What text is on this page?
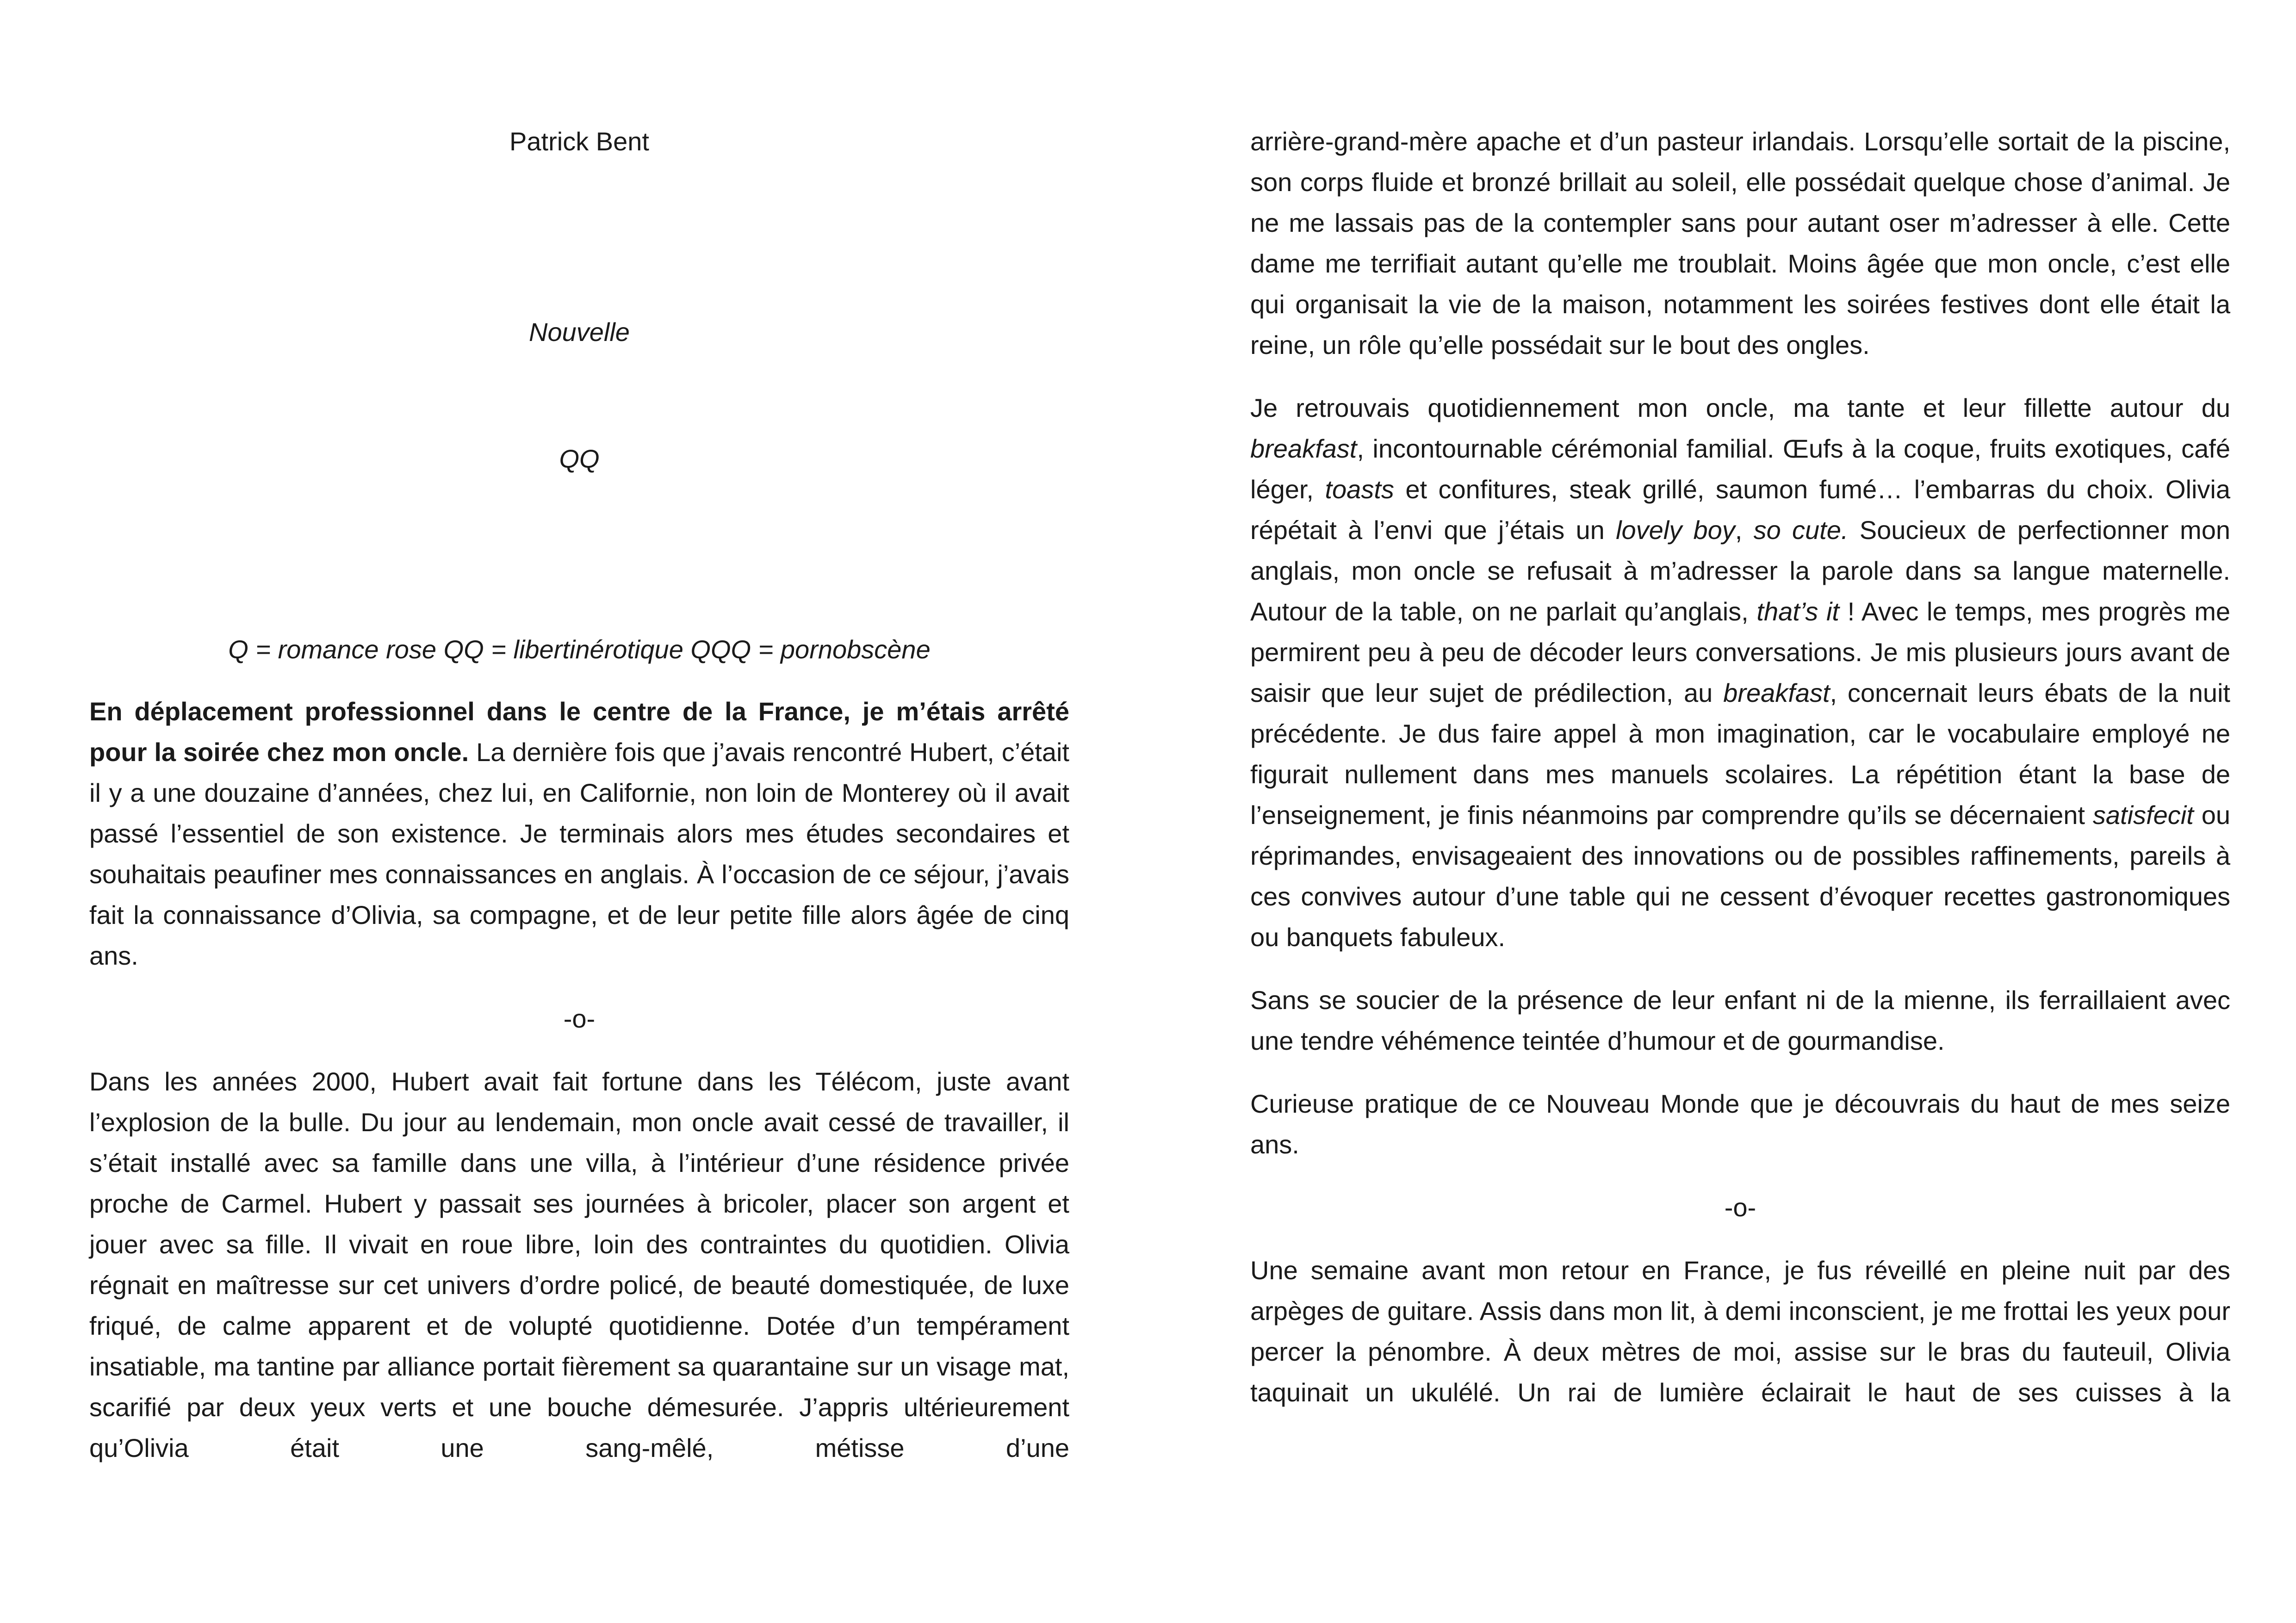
Patrick Bent
Nouvelle
QQ
Q = romance rose QQ = libertinérotique QQQ = pornobscène

En déplacement professionnel dans le centre de la France, je m’étais arrêté pour la soirée chez mon oncle. La dernière fois que j’avais rencontré Hubert, c’était il y a une douzaine d’années, chez lui, en Californie, non loin de Monterey où il avait passé l’essentiel de son existence. Je terminais alors mes études secondaires et souhaitais peaufiner mes connaissances en anglais. À l’occasion de ce séjour, j’avais fait la connaissance d’Olivia, sa compagne, et de leur petite fille alors âgée de cinq ans.

-o-

Dans les années 2000, Hubert avait fait fortune dans les Télécom, juste avant l’explosion de la bulle. Du jour au lendemain, mon oncle avait cessé de travailler, il s’était installé avec sa famille dans une villa, à l’intérieur d’une résidence privée proche de Carmel. Hubert y passait ses journées à bricoler, placer son argent et jouer avec sa fille. Il vivait en roue libre, loin des contraintes du quotidien. Olivia régnait en maîtresse sur cet univers d’ordre policé, de beauté domestiquée, de luxe friqué, de calme apparent et de volupté quotidienne. Dotée d’un tempérament insatiable, ma tantine par alliance portait fièrement sa quarantaine sur un visage mat, scarifié par deux yeux verts et une bouche démesurée. J’appris ultérieurement qu’Olivia était une sang-mêlé, métisse d’une

arrière-grand-mère apache et d’un pasteur irlandais. Lorsqu’elle sortait de la piscine, son corps fluide et bronzé brillait au soleil, elle possédait quelque chose d’animal. Je ne me lassais pas de la contempler sans pour autant oser m’adresser à elle. Cette dame me terrifiait autant qu’elle me troublait. Moins âgée que mon oncle, c’est elle qui organisait la vie de la maison, notamment les soirées festives dont elle était la reine, un rôle qu’elle possédait sur le bout des ongles.

Je retrouvais quotidiennement mon oncle, ma tante et leur fillette autour du breakfast, incontournable cérémonial familial. Œufs à la coque, fruits exotiques, café léger, toasts et confitures, steak grillé, saumon fumé… l’embarras du choix. Olivia répétait à l’envi que j’étais un lovely boy, so cute. Soucieux de perfectionner mon anglais, mon oncle se refusait à m’adresser la parole dans sa langue maternelle. Autour de la table, on ne parlait qu’anglais, that’s it ! Avec le temps, mes progrès me permirent peu à peu de décoder leurs conversations. Je mis plusieurs jours avant de saisir que leur sujet de prédilection, au breakfast, concernait leurs ébats de la nuit précédente. Je dus faire appel à mon imagination, car le vocabulaire employé ne figurait nullement dans mes manuels scolaires. La répétition étant la base de l’enseignement, je finis néanmoins par comprendre qu’ils se décernaient satisfecit ou réprimandes, envisageaient des innovations ou de possibles raffinements, pareils à ces convives autour d’une table qui ne cessent d’évoquer recettes gastronomiques ou banquets fabuleux.

Sans se soucier de la présence de leur enfant ni de la mienne, ils ferraillaient avec une tendre véhémence teintée d’humour et de gourmandise.

Curieuse pratique de ce Nouveau Monde que je découvrais du haut de mes seize ans.

-o-

Une semaine avant mon retour en France, je fus réveillé en pleine nuit par des arpèges de guitare. Assis dans mon lit, à demi inconscient, je me frottai les yeux pour percer la pénombre. À deux mètres de moi, assise sur le bras du fauteuil, Olivia taquinait un ukulélé. Un rai de lumière éclairait le haut de ses cuisses à la
